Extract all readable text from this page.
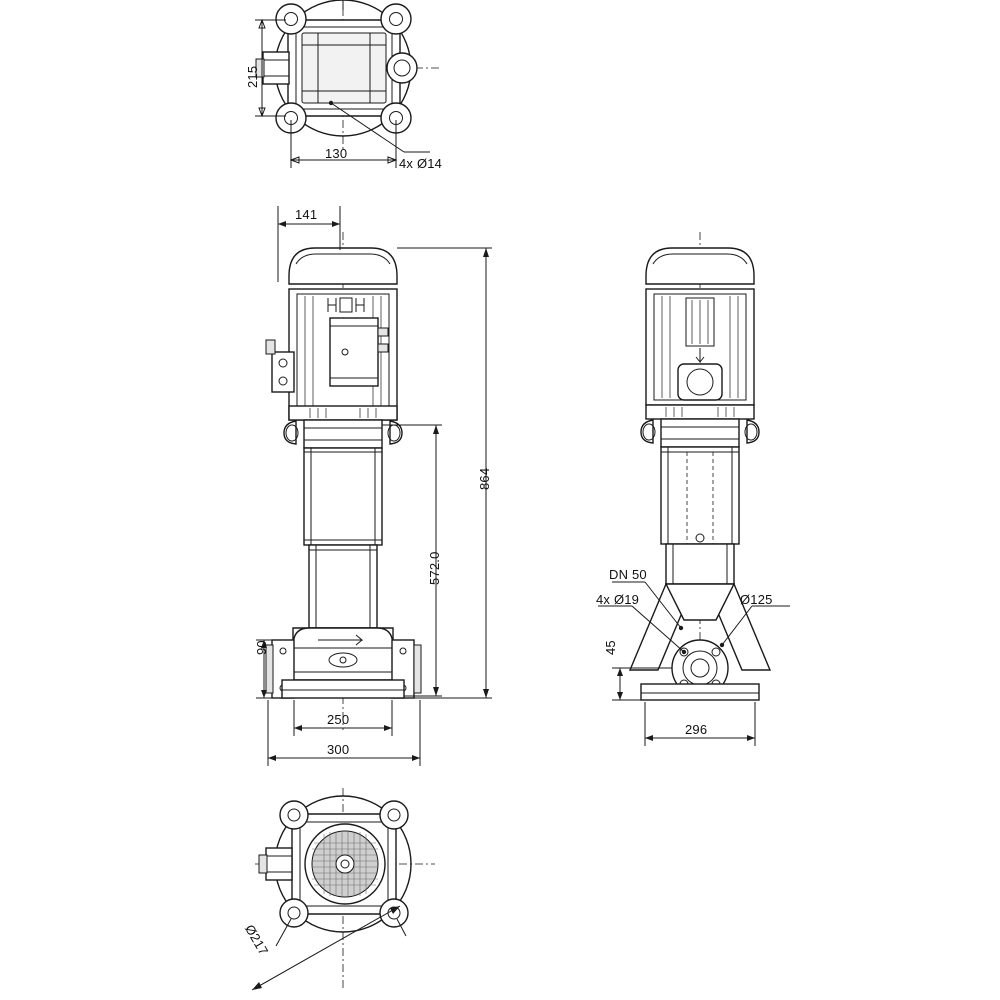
215
130
4x Ø14
141
864
572.0
90
250
300
DN 50
4x Ø19	Ø125
45
296
Ø217
